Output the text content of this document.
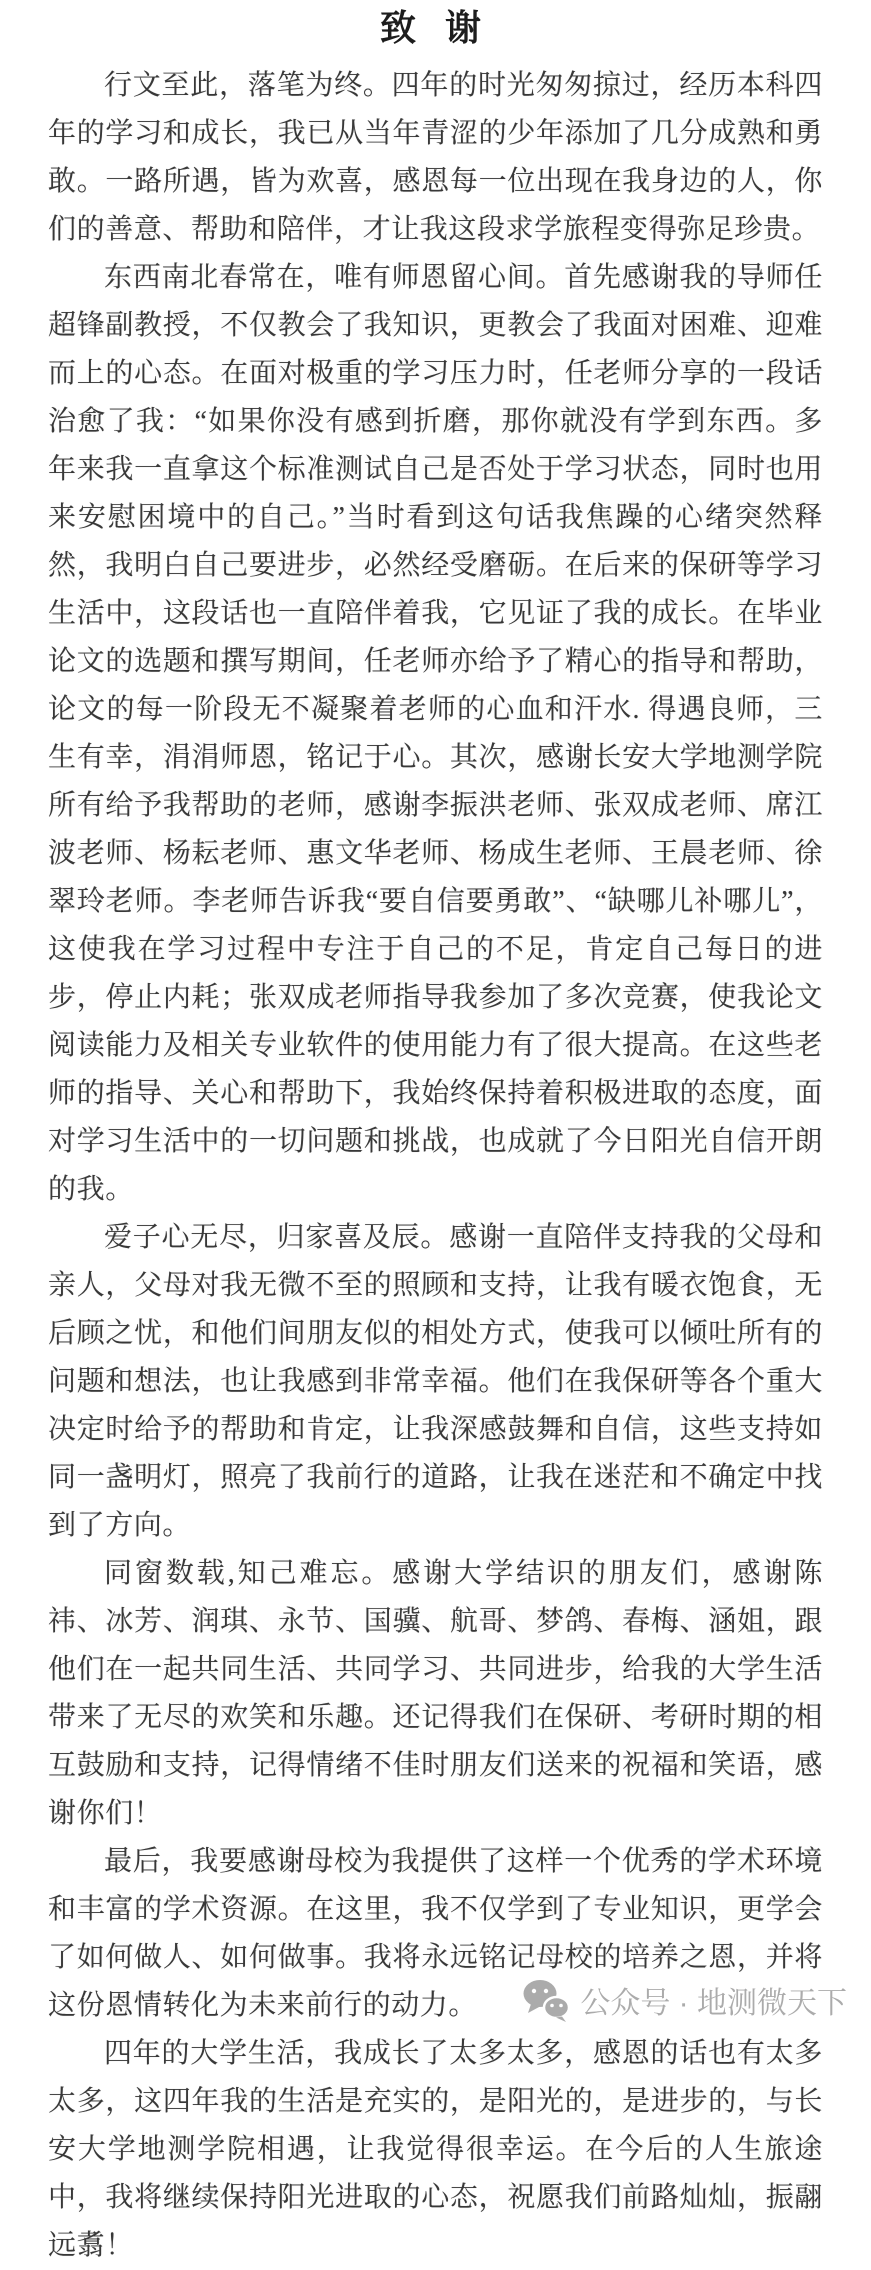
致 谢

行文至此，落笔为终。四年的时光匆匆掠过，经历本科四年的学习和成长，我已从当年青涩的少年添加了几分成熟和勇敢。一路所遇，皆为欢喜，感恩每一位出现在我身边的人，你们的善意、帮助和陪伴，才让我这段求学旅程变得弥足珍贵。

东西南北春常在，唯有师恩留心间。首先感谢我的导师任超锋副教授，不仅教会了我知识，更教会了我面对困难、迎难而上的心态。在面对极重的学习压力时，任老师分享的一段话治愈了我：“如果你没有感到折磨，那你就没有学到东西。多年来我一直拿这个标准测试自己是否处于学习状态，同时也用来安慰困境中的自己。”当时看到这句话我焦躁的心绪突然释然，我明白自己要进步，必然经受磨砺。在后来的保研等学习生活中，这段话也一直陪伴着我，它见证了我的成长。在毕业论文的选题和撰写期间，任老师亦给予了精心的指导和帮助，论文的每一阶段无不凝聚着老师的心血和汗水. 得遇良师，三生有幸，涓涓师恩，铭记于心。其次，感谢长安大学地测学院所有给予我帮助的老师，感谢李振洪老师、张双成老师、席江波老师、杨耘老师、惠文华老师、杨成生老师、王晨老师、徐翠玲老师。李老师告诉我“要自信要勇敢”、“缺哪儿补哪儿”，这使我在学习过程中专注于自己的不足，肯定自己每日的进步，停止内耗；张双成老师指导我参加了多次竞赛，使我论文阅读能力及相关专业软件的使用能力有了很大提高。在这些老师的指导、关心和帮助下，我始终保持着积极进取的态度，面对学习生活中的一切问题和挑战，也成就了今日阳光自信开朗的我。

爱子心无尽，归家喜及辰。感谢一直陪伴支持我的父母和亲人，父母对我无微不至的照顾和支持，让我有暖衣饱食，无后顾之忧，和他们间朋友似的相处方式，使我可以倾吐所有的问题和想法，也让我感到非常幸福。他们在我保研等各个重大决定时给予的帮助和肯定，让我深感鼓舞和自信，这些支持如同一盏明灯，照亮了我前行的道路，让我在迷茫和不确定中找到了方向。

同窗数载,知己难忘。感谢大学结识的朋友们，感谢陈祎、冰芳、润琪、永节、国骥、航哥、梦鸽、春梅、涵姐，跟他们在一起共同生活、共同学习、共同进步，给我的大学生活带来了无尽的欢笑和乐趣。还记得我们在保研、考研时期的相互鼓励和支持，记得情绪不佳时朋友们送来的祝福和笑语，感谢你们！

最后，我要感谢母校为我提供了这样一个优秀的学术环境和丰富的学术资源。在这里，我不仅学到了专业知识，更学会了如何做人、如何做事。我将永远铭记母校的培养之恩，并将这份恩情转化为未来前行的动力。

四年的大学生活，我成长了太多太多，感恩的话也有太多太多，这四年我的生活是充实的，是阳光的，是进步的，与长安大学地测学院相遇，让我觉得很幸运。在今后的人生旅途中，我将继续保持阳光进取的心态，祝愿我们前路灿灿，振翮远翥！

公众号 · 地测微天下
